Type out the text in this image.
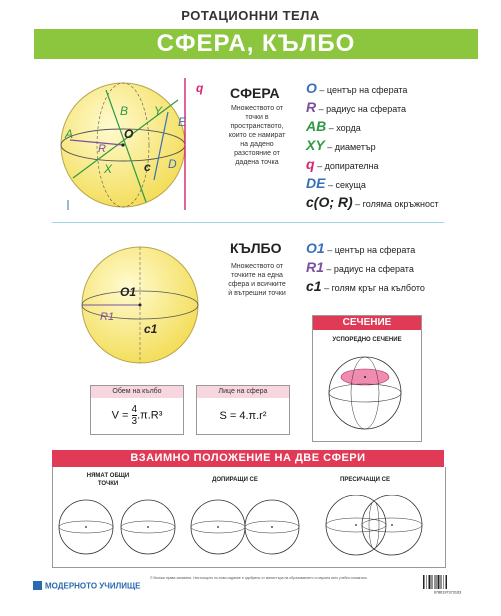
РОТАЦИОННИ ТЕЛА
СФЕРА, КЪЛБО
q
B Y
E
A	O
R
X	c D
СФЕРА
Множеството от точки в пространството, които се намират на дадено разстояние от дадена точка
O – център на сферата
R – радиус на сферата
AB – хорда
XY – диаметър
q – допирателна
DE – секуща
c(O; R) – голяма окръжност
O1
R1
c1
КЪЛБО
Множеството от точките на една сфера и всичките ѝ вътрешни точки
O1 – център на сферата
R1 – радиус на сферата
c1 – голям кръг на кълбото
Обем на кълбо
$V = \frac{4}{3} .\pi.R^3$
Лице на сфера
S = 4.π.r²
СЕЧЕНИЕ
УСПОРЕДНО СЕЧЕНИЕ
ВЗАИМНО ПОЛОЖЕНИЕ НА ДВЕ СФЕРИ
НЯМАТ ОБЩИ ТОЧКИ
ДОПИРАЩИ СЕ	ПРЕСИЧАЩИ СЕ
МОДЕРНОТО УЧИЛИЩЕ
© Всички права запазени. Настоящото по-ново издание е одобрено от министъра на образованието и науката като учебно помагало.
9786197373163
